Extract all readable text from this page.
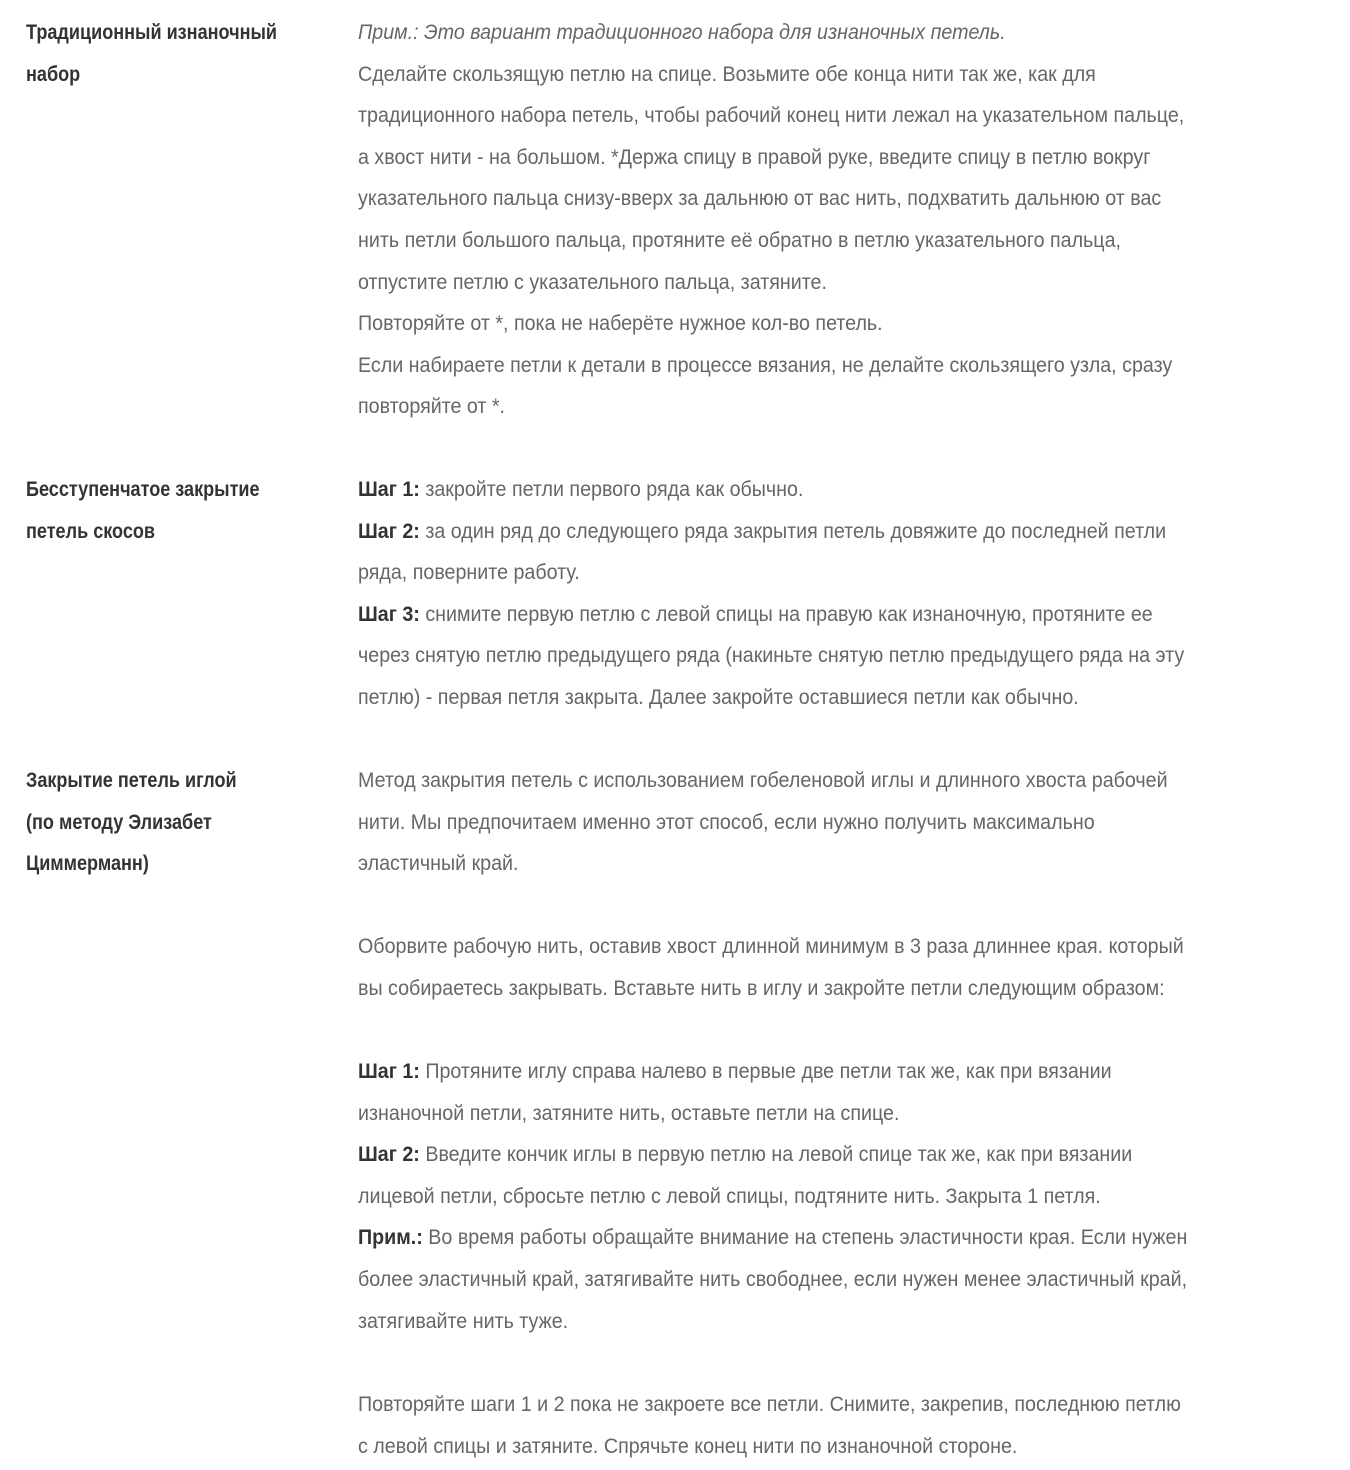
Традиционный изнаночный
набор
Прим.: Это вариант традиционного набора для изнаночных петель.
Сделайте скользящую петлю на спице. Возьмите обе конца нити так же, как для
традиционного набора петель, чтобы рабочий конец нити лежал на указательном пальце,
а хвост нити - на большом. *Держа спицу в правой руке, введите спицу в петлю вокруг
указательного пальца снизу-вверх за дальнюю от вас нить, подхватить дальнюю от вас
нить петли большого пальца, протяните её обратно в петлю указательного пальца,
отпустите петлю с указательного пальца, затяните.
Повторяйте от *, пока не наберёте нужное кол-во петель.
Если набираете петли к детали в процессе вязания, не делайте скользящего узла, сразу
повторяйте от *.
Бесступенчатое закрытие
петель скосов
Шаг 1: закройте петли первого ряда как обычно.
Шаг 2: за один ряд до следующего ряда закрытия петель довяжите до последней петли
ряда, поверните работу.
Шаг 3: снимите первую петлю с левой спицы на правую как изнаночную, протяните ее
через снятую петлю предыдущего ряда (накиньте снятую петлю предыдущего ряда на эту
петлю) - первая петля закрыта. Далее закройте оставшиеся петли как обычно.
Закрытие петель иглой
(по методу Элизабет
Циммерманн)
Метод закрытия петель с использованием гобеленовой иглы и длинного хвоста рабочей
нити. Мы предпочитаем именно этот способ, если нужно получить максимально
эластичный край.
Оборвите рабочую нить, оставив хвост длинной минимум в 3 раза длиннее края. который
вы собираетесь закрывать. Вставьте нить в иглу и закройте петли следующим образом:
Шаг 1: Протяните иглу справа налево в первые две петли так же, как при вязании
изнаночной петли, затяните нить, оставьте петли на спице.
Шаг 2: Введите кончик иглы в первую петлю на левой спице так же, как при вязании
лицевой петли, сбросьте петлю с левой спицы, подтяните нить. Закрыта 1 петля.
Прим.: Во время работы обращайте внимание на степень эластичности края. Если нужен
более эластичный край, затягивайте нить свободнее, если нужен менее эластичный край,
затягивайте нить туже.
Повторяйте шаги 1 и 2 пока не закроете все петли. Снимите, закрепив, последнюю петлю
с левой спицы и затяните. Спрячьте конец нити по изнаночной стороне.
